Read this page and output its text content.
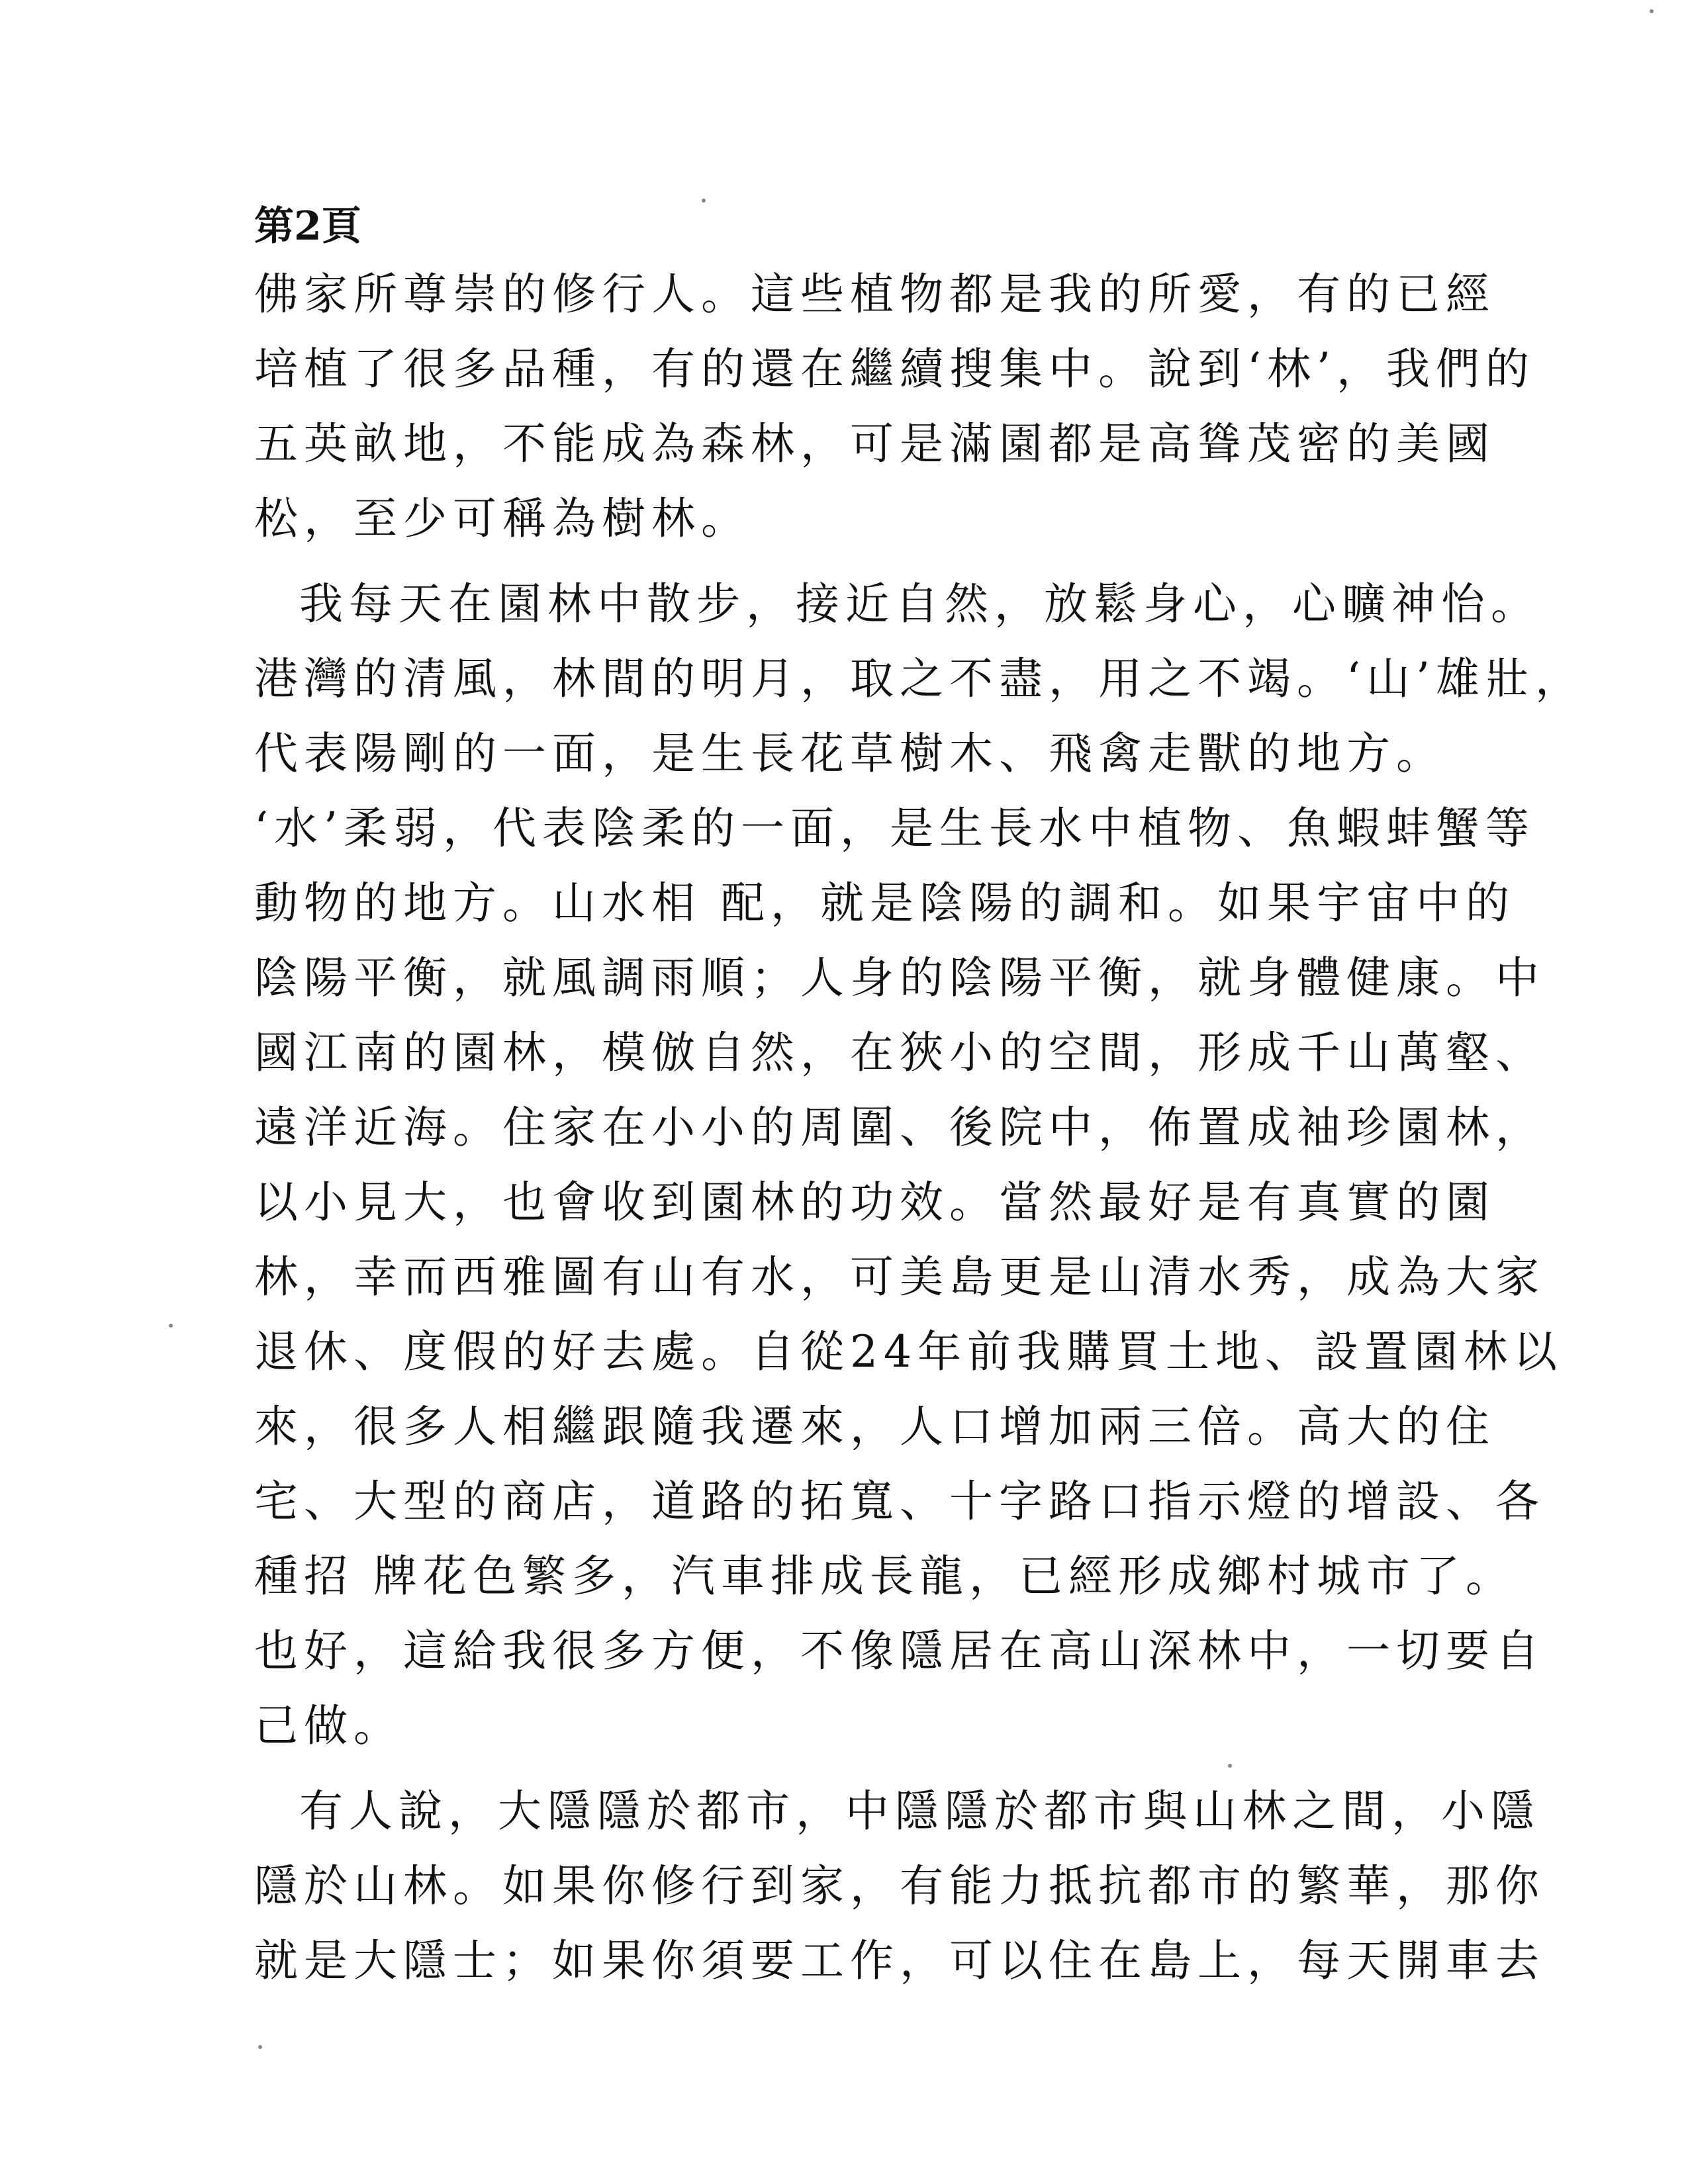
第2頁
佛家所尊崇的修行人。這些植物都是我的所愛，有的已經
培植了很多品種，有的還在繼續搜集中。說到‘林’，我們的
五英畝地，不能成為森林，可是滿園都是高聳茂密的美國
松，至少可稱為樹林。
我每天在園林中散步，接近自然，放鬆身心，心曠神怡。
港灣的清風，林間的明月，取之不盡，用之不竭。‘山’雄壯，
代表陽剛的一面，是生長花草樹木、飛禽走獸的地方。
‘水’柔弱，代表陰柔的一面，是生長水中植物、魚蝦蚌蟹等
動物的地方。山水相 配，就是陰陽的調和。如果宇宙中的
陰陽平衡，就風調雨順；人身的陰陽平衡，就身體健康。中
國江南的園林，模倣自然，在狹小的空間，形成千山萬壑、
遠洋近海。住家在小小的周圍、後院中，佈置成袖珍園林，
以小見大，也會收到園林的功效。當然最好是有真實的園
林，幸而西雅圖有山有水，可美島更是山清水秀，成為大家
退休、度假的好去處。自從24年前我購買土地、設置園林以
來，很多人相繼跟隨我遷來，人口增加兩三倍。高大的住
宅、大型的商店，道路的拓寬、十字路口指示燈的增設、各
種招 牌花色繁多，汽車排成長龍，已經形成鄉村城市了。
也好，這給我很多方便，不像隱居在高山深林中，一切要自
己做。
有人說，大隱隱於都市，中隱隱於都市與山林之間，小隱
隱於山林。如果你修行到家，有能力抵抗都市的繁華，那你
就是大隱士；如果你須要工作，可以住在島上，每天開車去
